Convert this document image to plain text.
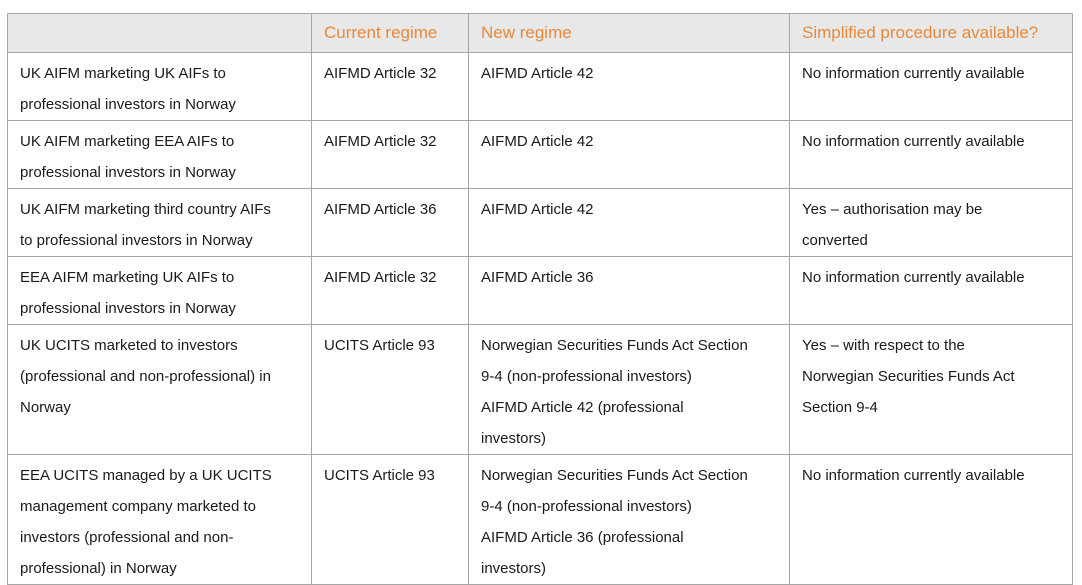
	Current regime	New regime	Simplified procedure available?

UK AIFM marketing UK AIFs to
professional investors in Norway	AIFMD Article 32	AIFMD Article 42	No information currently available

UK AIFM marketing EEA AIFs to
professional investors in Norway	AIFMD Article 32	AIFMD Article 42	No information currently available

UK AIFM marketing third country AIFs
to professional investors in Norway	AIFMD Article 36	AIFMD Article 42	Yes – authorisation may be
converted

EEA AIFM marketing UK AIFs to
professional investors in Norway	AIFMD Article 32	AIFMD Article 36	No information currently available

UK UCITS marketed to investors
(professional and non-professional) in
Norway	UCITS Article 93	Norwegian Securities Funds Act Section
9-4 (non-professional investors)
AIFMD Article 42 (professional
investors)	Yes – with respect to the
Norwegian Securities Funds Act
Section 9-4

EEA UCITS managed by a UK UCITS
management company marketed to
investors (professional and non-
professional) in Norway	UCITS Article 93	Norwegian Securities Funds Act Section
9-4 (non-professional investors)
AIFMD Article 36 (professional
investors)	No information currently available
